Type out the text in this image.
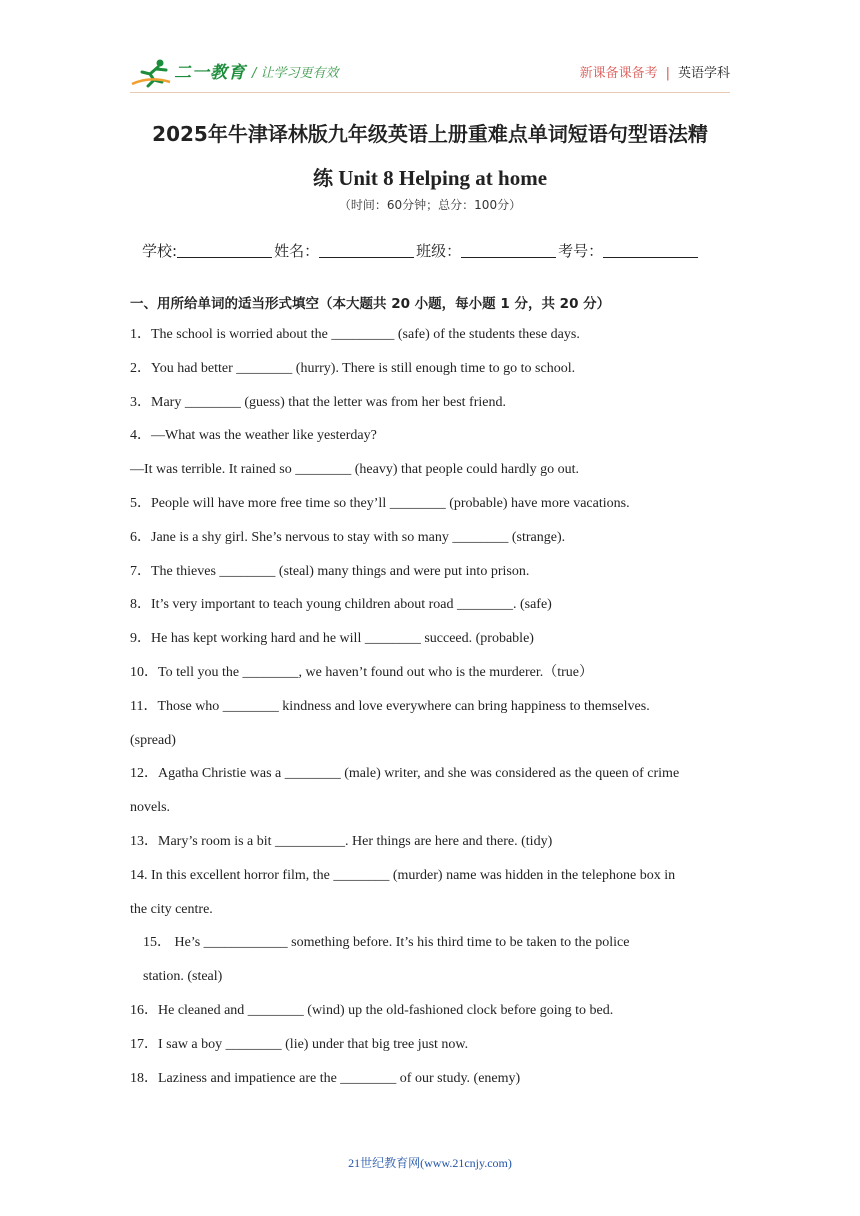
二一教育 / 让学习更有效	新课备课备考 | 英语学科
2025年牛津译林版九年级英语上册重难点单词短语句型语法精
练 Unit 8 Helping at home
（时间：60分钟；总分：100分）
学校:	姓名：	班级：	考号：
一、用所给单词的适当形式填空（本大题共 20 小题，每小题 1 分，共 20 分）

1．The school is worried about the _________ (safe) of the students these days.

2．You had better ________ (hurry). There is still enough time to go to school.

3．Mary ________ (guess) that the letter was from her best friend.

4．—What was the weather like yesterday?

—It was terrible. It rained so ________ (heavy) that people could hardly go out.

5．People will have more free time so they’ll ________ (probable) have more vacations.

6．Jane is a shy girl. She’s nervous to stay with so many ________ (strange).

7．The thieves ________ (steal) many things and were put into prison.

8．It’s very important to teach young children about road ________. (safe)

9．He has kept working hard and he will ________ succeed. (probable)

10．To tell you the ________, we haven’t found out who is the murderer.（true）

11．Those who ________ kindness and love everywhere can bring happiness to themselves.

(spread)

12．Agatha Christie was a ________ (male) writer, and she was considered as the queen of crime

novels.

13．Mary’s room is a bit __________. Her things are here and there. (tidy)

14. In this excellent horror film, the ________ (murder) name was hidden in the telephone box in

the city centre.

15． He’s ____________ something before. It’s his third time to be taken to the police

station. (steal)

16．He cleaned and ________ (wind) up the old-fashioned clock before going to bed.

17．I saw a boy ________ (lie) under that big tree just now.

18．Laziness and impatience are the ________ of our study. (enemy)

21世纪教育网(www.21cnjy.com)
